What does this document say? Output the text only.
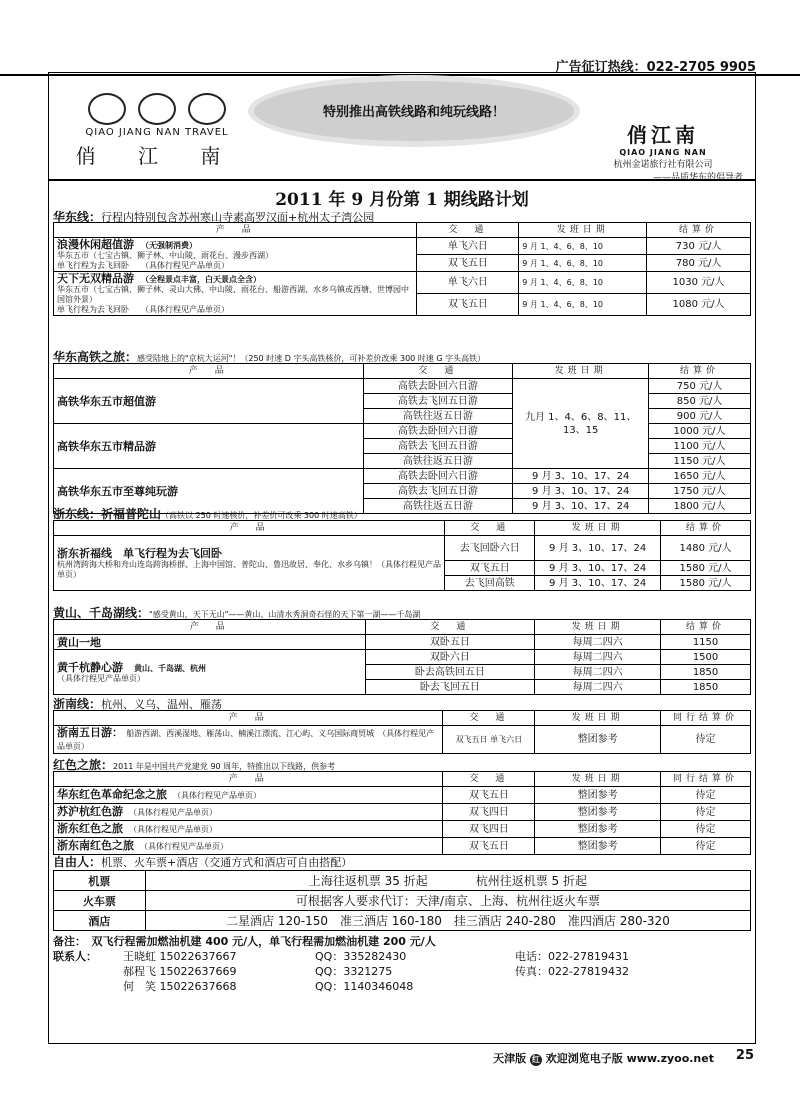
广告征订热线：022-2705 9905
QIAO JIANG NAN TRAVEL
俏 江 南
特别推出高铁线路和纯玩线路！
俏江南
QIAO JIANG NAN
杭州金诺旅行社有限公司
——品质华东的倡导者
2011 年 9 月份第 1 期线路计划
华东线：行程内特别包含苏州寒山寺素高罗汉面+杭州太子湾公园
产　品	交　通	发班日期	结算价

浪漫休闲超值游　 （无强制消费）
华东五市（七宝古镇、狮子林、中山陵、雨花台、漫步西湖）
单飞行程为去飞回卧　　（具体行程见产品单页）	单飞六日	9 月 1、4、6、8、10	730 元/人
	双飞五日	9 月 1、4、6、8、10	780 元/人

天下无双精品游　 （全程景点丰富，白天景点全含）
华东五市（七宝古镇、狮子林、灵山大佛、中山陵、雨花台、船游西湖、水乡乌镇或西塘、世博园中国馆外景）
单飞行程为去飞回卧　　（具体行程见产品单页）	单飞六日	9 月 1、4、6、8、10	1030 元/人
	双飞五日	9 月 1、4、6、8、10	1080 元/人
华东高铁之旅：感受陆地上的"京杭大运河"！（250 时速 D 字头高铁核价，可补差价改乘 300 时速 G 字头高铁）
产　品	交　通	发班日期	结算价
高铁华东五市超值游	高铁去卧回六日游	九月 1、4、6、8、11、13、15	750 元/人
	高铁去飞回五日游		850 元/人
	高铁往返五日游		900 元/人
高铁华东五市精品游	高铁去卧回六日游		1000 元/人
	高铁去飞回五日游		1100 元/人
	高铁往返五日游		1150 元/人
高铁华东五市至尊纯玩游	高铁去卧回六日游	9 月 3、10、17、24	1650 元/人
	高铁去飞回五日游	9 月 3、10、17、24	1750 元/人
	高铁往返五日游	9 月 3、10、17、24	1800 元/人
浙东线：祈福普陀山（高铁以 250 时速核价，补差价可改乘 300 时速高铁）
产　品	交　通	发班日期	结算价

浙东祈福线　 单飞行程为去飞回卧
杭州湾跨海大桥和舟山连岛跨海桥群、上海中国馆、普陀山、鲁迅故居、奉化、水乡乌镇！（具体行程见产品单页）	去飞回卧六日	9 月 3、10、17、24	1480 元/人
	双飞五日	9 月 3、10、17、24	1580 元/人
	去飞回高铁	9 月 3、10、17、24	1580 元/人
黄山、千岛湖线："感受黄山，天下无山"——黄山、山清水秀洞奇石怪的天下第一湖——千岛湖
产　品	交　通	发班日期	结算价
黄山一地	双卧五日	每周二四六	1150

黄千杭静心游　 黄山、千岛湖、杭州
（具体行程见产品单页）	双卧六日	每周二四六	1500
	卧去高铁回五日	每周二四六	1850
	卧去飞回五日	每周二四六	1850
浙南线：杭州、义乌、温州、雁荡
产　品	交　通	发班日期	同行结算价
浙南五日游： 船游西湖、西溪湿地、雁荡山、楠溪江漂流、江心屿、义乌国际商贸城　（具体行程见产品单页）	双飞五日 单飞六日	整团参考	待定
红色之旅：2011 年是中国共产党建党 90 周年，特推出以下线路，供参考
产　品	交　通	发班日期	同行结算价
华东红色革命纪念之旅　 （具体行程见产品单页）	双飞五日	整团参考	待定
苏沪杭红色游　 （具体行程见产品单页）	双飞四日	整团参考	待定
浙东红色之旅　 （具体行程见产品单页）	双飞四日	整团参考	待定
浙东南红色之旅　 （具体行程见产品单页）	双飞五日	整团参考	待定
自由人：机票、火车票+酒店（交通方式和酒店可自由搭配）
机票	上海往返机票 35 折起　　　　杭州往返机票 5 折起
火车票	可根据客人要求代订：天津/南京、上海、杭州往返火车票
酒店	二星酒店 120-150　准三酒店 160-180　挂三酒店 240-280　准四酒店 280-320
备注：　 双飞行程需加燃油机建 400 元/人，单飞行程需加燃油机建 200 元/人
联系人： 王晓虹 15022637667	QQ：335282430	电话：022-27819431
郝程飞 15022637669	QQ：3321275	传真：022-27819432
何　笑 15022637668	QQ：1140346048
天津版 红 欢迎浏览电子版 www.zyoo.net 25
